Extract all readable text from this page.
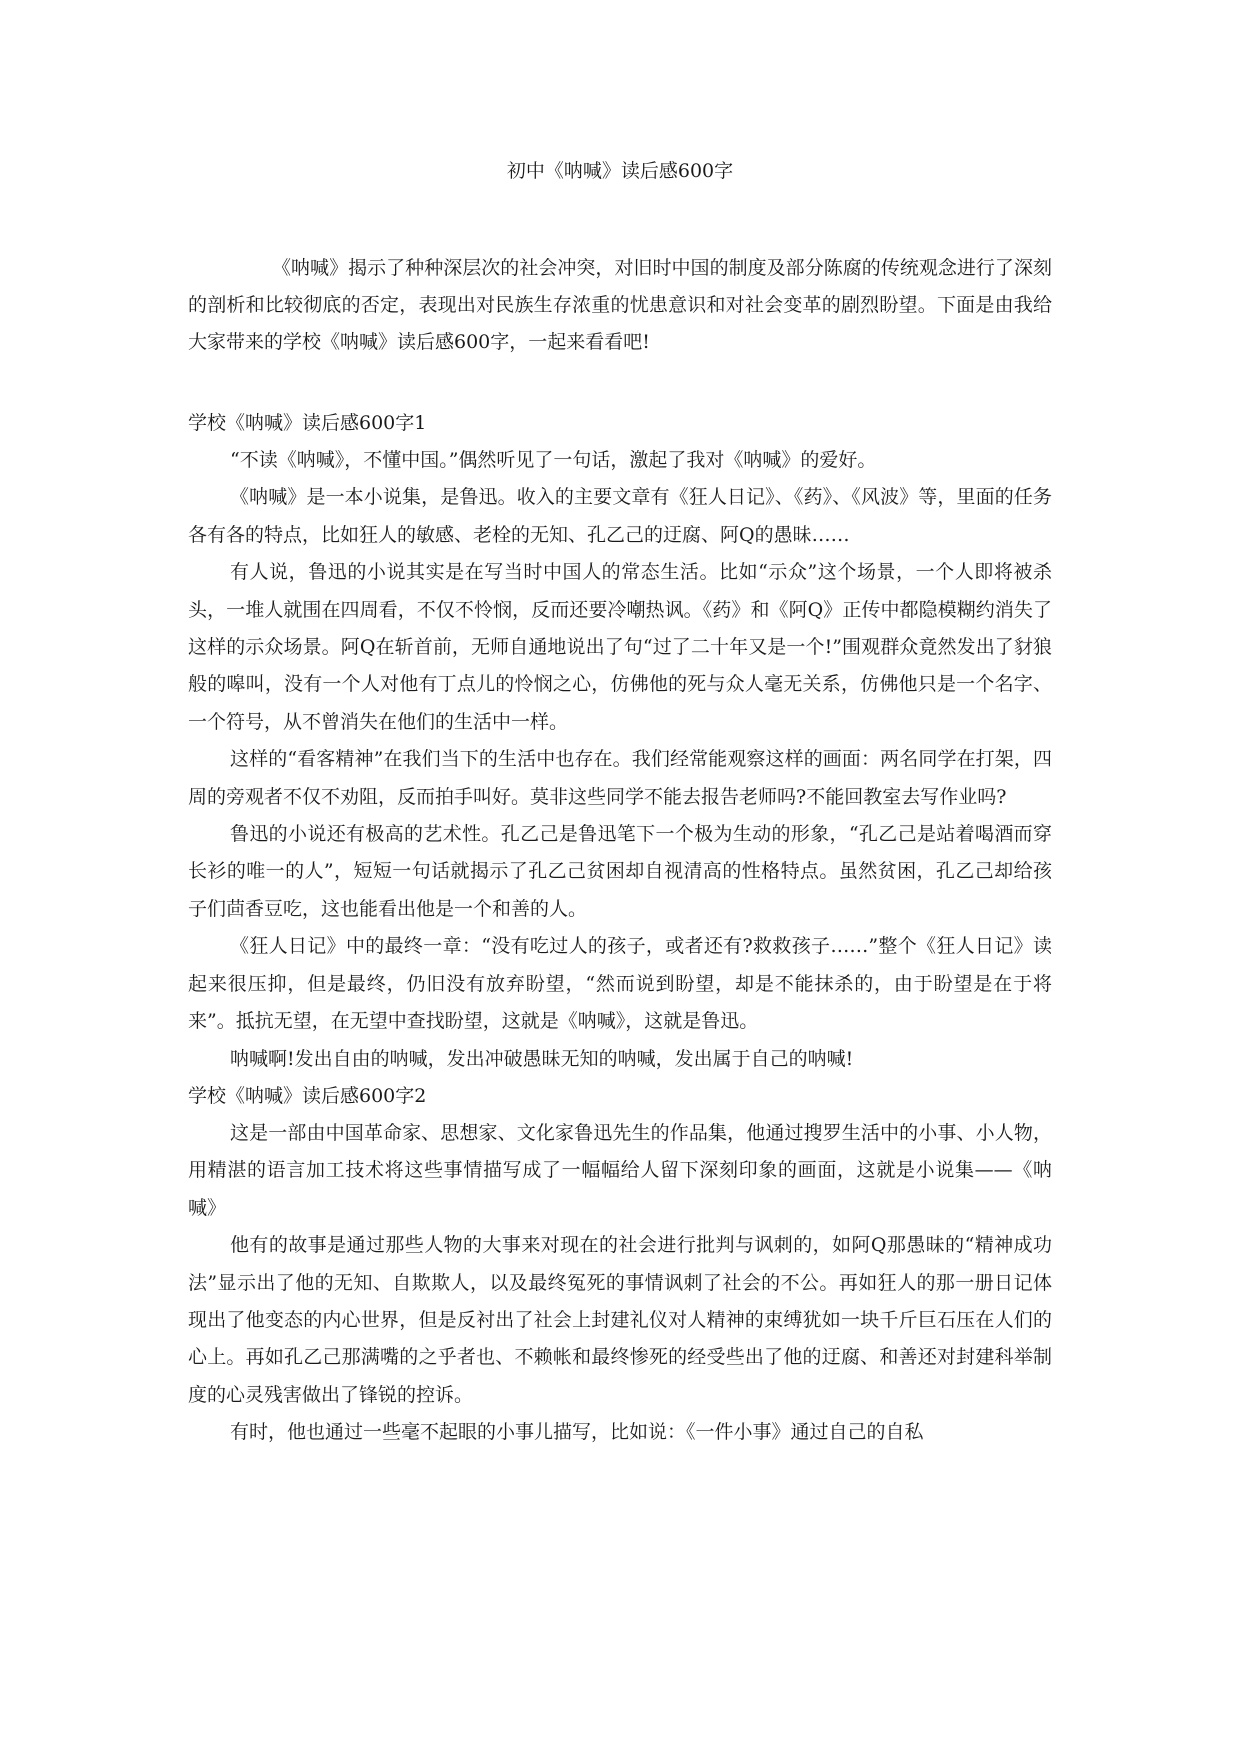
初中《呐喊》读后感600字

《呐喊》揭示了种种深层次的社会冲突，对旧时中国的制度及部分陈腐的传统观念进行了深刻的剖析和比较彻底的否定，表现出对民族生存浓重的忧患意识和对社会变革的剧烈盼望。下面是由我给大家带来的学校《呐喊》读后感600字，一起来看看吧!

学校《呐喊》读后感600字1

“不读《呐喊》，不懂中国。”偶然听见了一句话，激起了我对《呐喊》的爱好。

《呐喊》是一本小说集，是鲁迅。收入的主要文章有《狂人日记》、《药》、《风波》等，里面的任务各有各的特点，比如狂人的敏感、老栓的无知、孔乙己的迂腐、阿Q的愚昧……

有人说，鲁迅的小说其实是在写当时中国人的常态生活。比如“示众”这个场景，一个人即将被杀头，一堆人就围在四周看，不仅不怜悯，反而还要冷嘲热讽。《药》和《阿Q》正传中都隐模糊约消失了这样的示众场景。阿Q在斩首前，无师自通地说出了句“过了二十年又是一个!”围观群众竟然发出了豺狼般的嗥叫，没有一个人对他有丁点儿的怜悯之心，仿佛他的死与众人毫无关系，仿佛他只是一个名字、一个符号，从不曾消失在他们的生活中一样。

这样的“看客精神”在我们当下的生活中也存在。我们经常能观察这样的画面：两名同学在打架，四周的旁观者不仅不劝阻，反而拍手叫好。莫非这些同学不能去报告老师吗?不能回教室去写作业吗?

鲁迅的小说还有极高的艺术性。孔乙己是鲁迅笔下一个极为生动的形象，“孔乙己是站着喝酒而穿长衫的唯一的人”，短短一句话就揭示了孔乙己贫困却自视清高的性格特点。虽然贫困，孔乙己却给孩子们茴香豆吃，这也能看出他是一个和善的人。

《狂人日记》中的最终一章：“没有吃过人的孩子，或者还有?救救孩子……”整个《狂人日记》读起来很压抑，但是最终，仍旧没有放弃盼望，“然而说到盼望，却是不能抹杀的，由于盼望是在于将来”。抵抗无望，在无望中查找盼望，这就是《呐喊》，这就是鲁迅。

呐喊啊!发出自由的呐喊，发出冲破愚昧无知的呐喊，发出属于自己的呐喊!

学校《呐喊》读后感600字2

这是一部由中国革命家、思想家、文化家鲁迅先生的作品集，他通过搜罗生活中的小事、小人物，用精湛的语言加工技术将这些事情描写成了一幅幅给人留下深刻印象的画面，这就是小说集——《呐喊》

他有的故事是通过那些人物的大事来对现在的社会进行批判与讽刺的，如阿Q那愚昧的“精神成功法”显示出了他的无知、自欺欺人，以及最终冤死的事情讽刺了社会的不公。再如狂人的那一册日记体现出了他变态的内心世界，但是反衬出了社会上封建礼仪对人精神的束缚犹如一块千斤巨石压在人们的心上。再如孔乙己那满嘴的之乎者也、不赖帐和最终惨死的经受些出了他的迂腐、和善还对封建科举制度的心灵残害做出了锋锐的控诉。

有时，他也通过一些毫不起眼的小事儿描写，比如说：《一件小事》通过自己的自私
